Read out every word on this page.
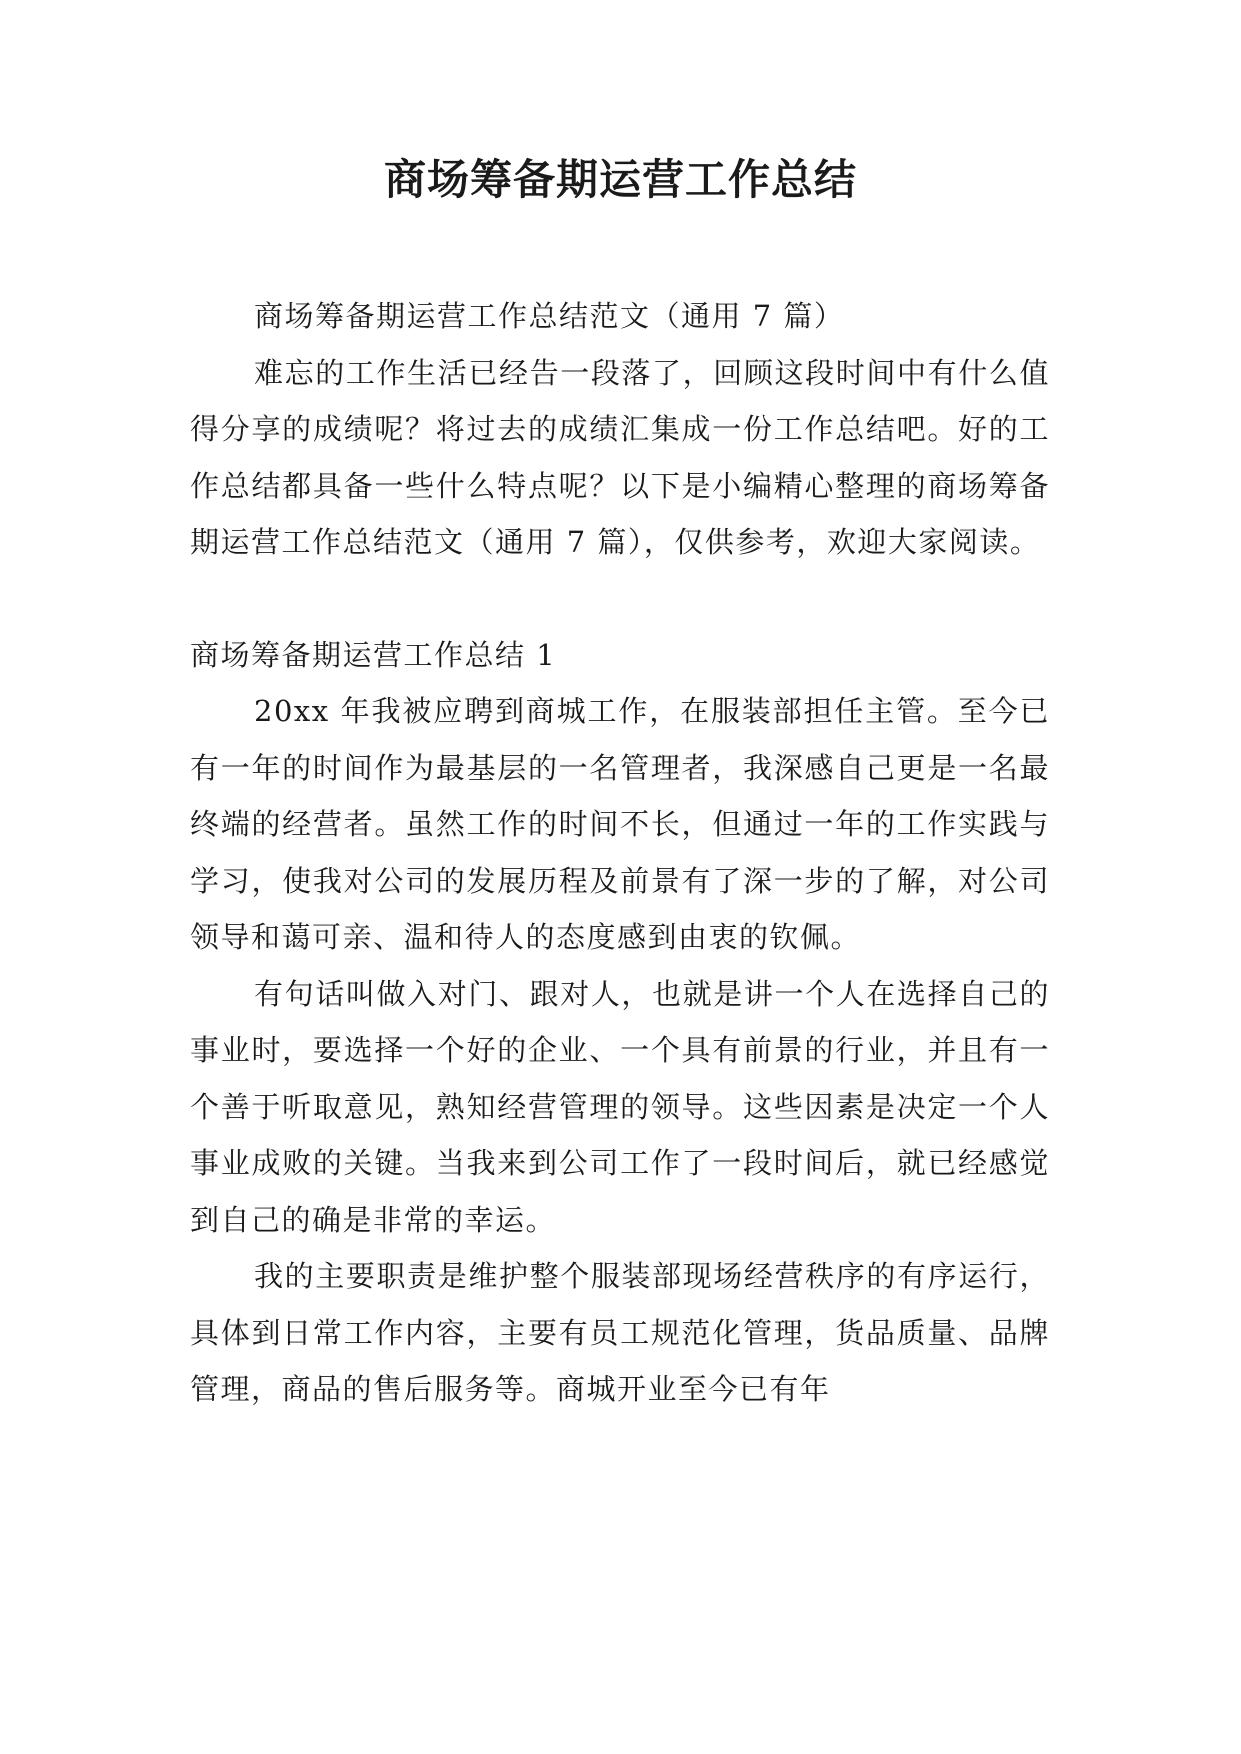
商场筹备期运营工作总结

商场筹备期运营工作总结范文（通用 7 篇）

难忘的工作生活已经告一段落了，回顾这段时间中有什么值得分享的成绩呢？将过去的成绩汇集成一份工作总结吧。好的工作总结都具备一些什么特点呢？以下是小编精心整理的商场筹备期运营工作总结范文（通用 7 篇），仅供参考，欢迎大家阅读。

商场筹备期运营工作总结 1

20xx 年我被应聘到商城工作，在服装部担任主管。至今已有一年的时间作为最基层的一名管理者，我深感自己更是一名最终端的经营者。虽然工作的时间不长，但通过一年的工作实践与学习，使我对公司的发展历程及前景有了深一步的了解，对公司领导和蔼可亲、温和待人的态度感到由衷的钦佩。

有句话叫做入对门、跟对人，也就是讲一个人在选择自己的事业时，要选择一个好的企业、一个具有前景的行业，并且有一个善于听取意见，熟知经营管理的领导。这些因素是决定一个人事业成败的关键。当我来到公司工作了一段时间后，就已经感觉到自己的确是非常的幸运。

我的主要职责是维护整个服装部现场经营秩序的有序运行，具体到日常工作内容，主要有员工规范化管理，货品质量、品牌管理，商品的售后服务等。商城开业至今已有年
